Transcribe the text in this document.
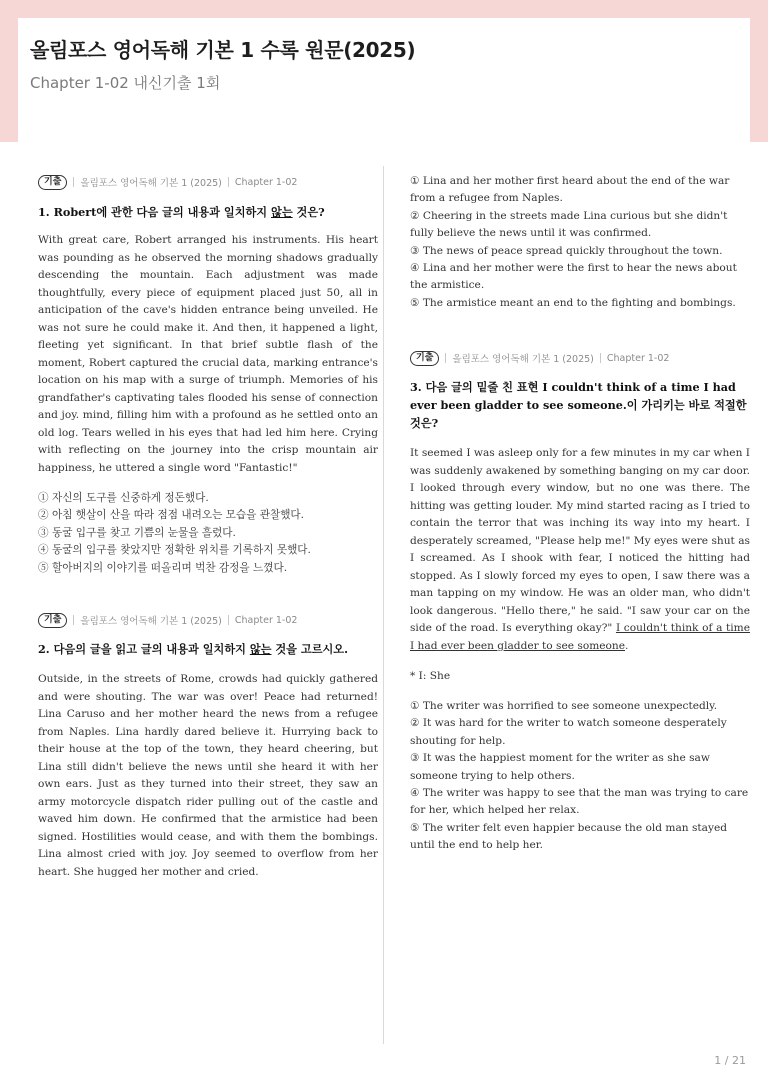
올림포스 영어독해 기본 1 수록 원문(2025)
Chapter 1-02 내신기출 1회
기출	올림포스 영어독해 기본 1 (2025) Chapter 1-02
1. Robert에 관한 다음 글의 내용과 일치하지 않는 것은?
With great care, Robert arranged his instruments. His heart was pounding as he observed the morning shadows gradually descending the mountain. Each adjustment was made thoughtfully, every piece of equipment placed just 50, all in anticipation of the cave's hidden entrance being unveiled. He was not sure he could make it. And then, it happened a light, fleeting yet significant. In that brief subtle flash of the moment, Robert captured the crucial data, marking entrance's location on his map with a surge of triumph. Memories of his grandfather's captivating tales flooded his sense of connection and joy. mind, filling him with a profound as he settled onto an old log. Tears welled in his eyes that had led him here. Crying with reflecting on the journey into the crisp mountain air happiness, he uttered a single word "Fantastic!"
① 자신의 도구를 신중하게 정돈했다.
② 아침 햇살이 산을 따라 점점 내려오는 모습을 관찰했다.
③ 동굴 입구를 찾고 기쁨의 눈물을 흘렸다.
④ 동굴의 입구를 찾았지만 정확한 위치를 기록하지 못했다.
⑤ 할아버지의 이야기를 떠올리며 벅찬 감정을 느꼈다.
기출	올림포스 영어독해 기본 1 (2025) Chapter 1-02
2. 다음의 글을 읽고 글의 내용과 일치하지 않는 것을 고르시오.
Outside, in the streets of Rome, crowds had quickly gathered and were shouting. The war was over! Peace had returned! Lina Caruso and her mother heard the news from a refugee from Naples. Lina hardly dared believe it. Hurrying back to their house at the top of the town, they heard cheering, but Lina still didn't believe the news until she heard it with her own ears. Just as they turned into their street, they saw an army motorcycle dispatch rider pulling out of the castle and waved him down. He confirmed that the armistice had been signed. Hostilities would cease, and with them the bombings. Lina almost cried with joy. Joy seemed to overflow from her heart. She hugged her mother and cried.
① Lina and her mother first heard about the end of the war from a refugee from Naples.
② Cheering in the streets made Lina curious but she didn't fully believe the news until it was confirmed.
③ The news of peace spread quickly throughout the town.
④ Lina and her mother were the first to hear the news about the armistice.
⑤ The armistice meant an end to the fighting and bombings.
기출	올림포스 영어독해 기본 1 (2025) Chapter 1-02
3. 다음 글의 밑줄 친 표현 I couldn't think of a time I had ever been gladder to see someone.이 가리키는 바로 적절한 것은?
It seemed I was asleep only for a few minutes in my car when I was suddenly awakened by something banging on my car door. I looked through every window, but no one was there. The hitting was getting louder. My mind started racing as I tried to contain the terror that was inching its way into my heart. I desperately screamed, "Please help me!" My eyes were shut as I screamed. As I shook with fear, I noticed the hitting had stopped. As I slowly forced my eyes to open, I saw there was a man tapping on my window. He was an older man, who didn't look dangerous. "Hello there," he said. "I saw your car on the side of the road. Is everything okay?" I couldn't think of a time I had ever been gladder to see someone.
* I: She
① The writer was horrified to see someone unexpectedly.
② It was hard for the writer to watch someone desperately shouting for help.
③ It was the happiest moment for the writer as she saw someone trying to help others.
④ The writer was happy to see that the man was trying to care for her, which helped her relax.
⑤ The writer felt even happier because the old man stayed until the end to help her.
1 / 21
